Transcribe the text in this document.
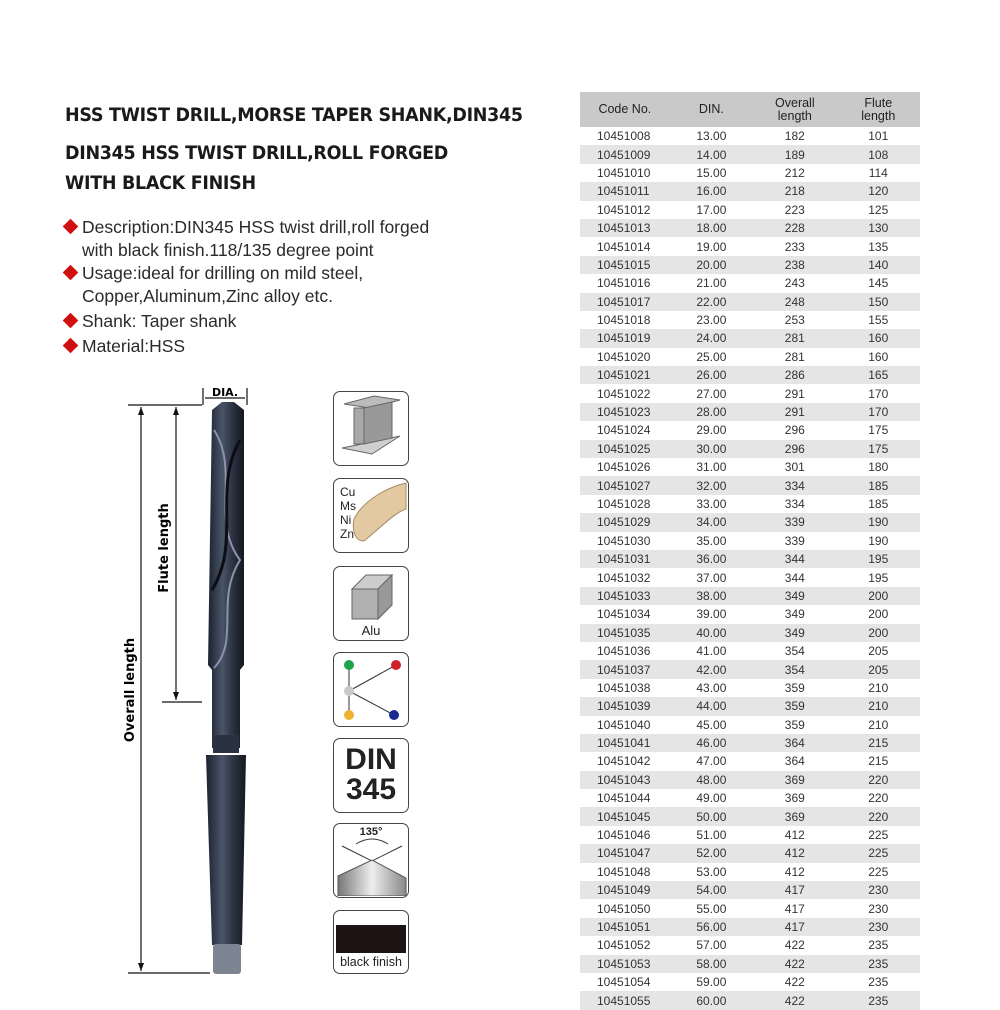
HSS TWIST DRILL,MORSE TAPER SHANK,DIN345
DIN345 HSS TWIST DRILL,ROLL FORGED
WITH BLACK FINISH
Description:DIN345 HSS twist drill,roll forged
with black finish.118/135 degree point
Usage:ideal for drilling on mild steel,
Copper,Aluminum,Zinc alloy etc.
Shank: Taper shank
Material:HSS
DIA.
Overall length
Flute length
Cu
Ms
Ni
Zn
Alu
DIN
345
135°
black finish
Code No.	DIN.	Overall length	Flute length
10451008	13.00	182	101
10451009	14.00	189	108
10451010	15.00	212	114
10451011	16.00	218	120
10451012	17.00	223	125
10451013	18.00	228	130
10451014	19.00	233	135
10451015	20.00	238	140
10451016	21.00	243	145
10451017	22.00	248	150
10451018	23.00	253	155
10451019	24.00	281	160
10451020	25.00	281	160
10451021	26.00	286	165
10451022	27.00	291	170
10451023	28.00	291	170
10451024	29.00	296	175
10451025	30.00	296	175
10451026	31.00	301	180
10451027	32.00	334	185
10451028	33.00	334	185
10451029	34.00	339	190
10451030	35.00	339	190
10451031	36.00	344	195
10451032	37.00	344	195
10451033	38.00	349	200
10451034	39.00	349	200
10451035	40.00	349	200
10451036	41.00	354	205
10451037	42.00	354	205
10451038	43.00	359	210
10451039	44.00	359	210
10451040	45.00	359	210
10451041	46.00	364	215
10451042	47.00	364	215
10451043	48.00	369	220
10451044	49.00	369	220
10451045	50.00	369	220
10451046	51.00	412	225
10451047	52.00	412	225
10451048	53.00	412	225
10451049	54.00	417	230
10451050	55.00	417	230
10451051	56.00	417	230
10451052	57.00	422	235
10451053	58.00	422	235
10451054	59.00	422	235
10451055	60.00	422	235
